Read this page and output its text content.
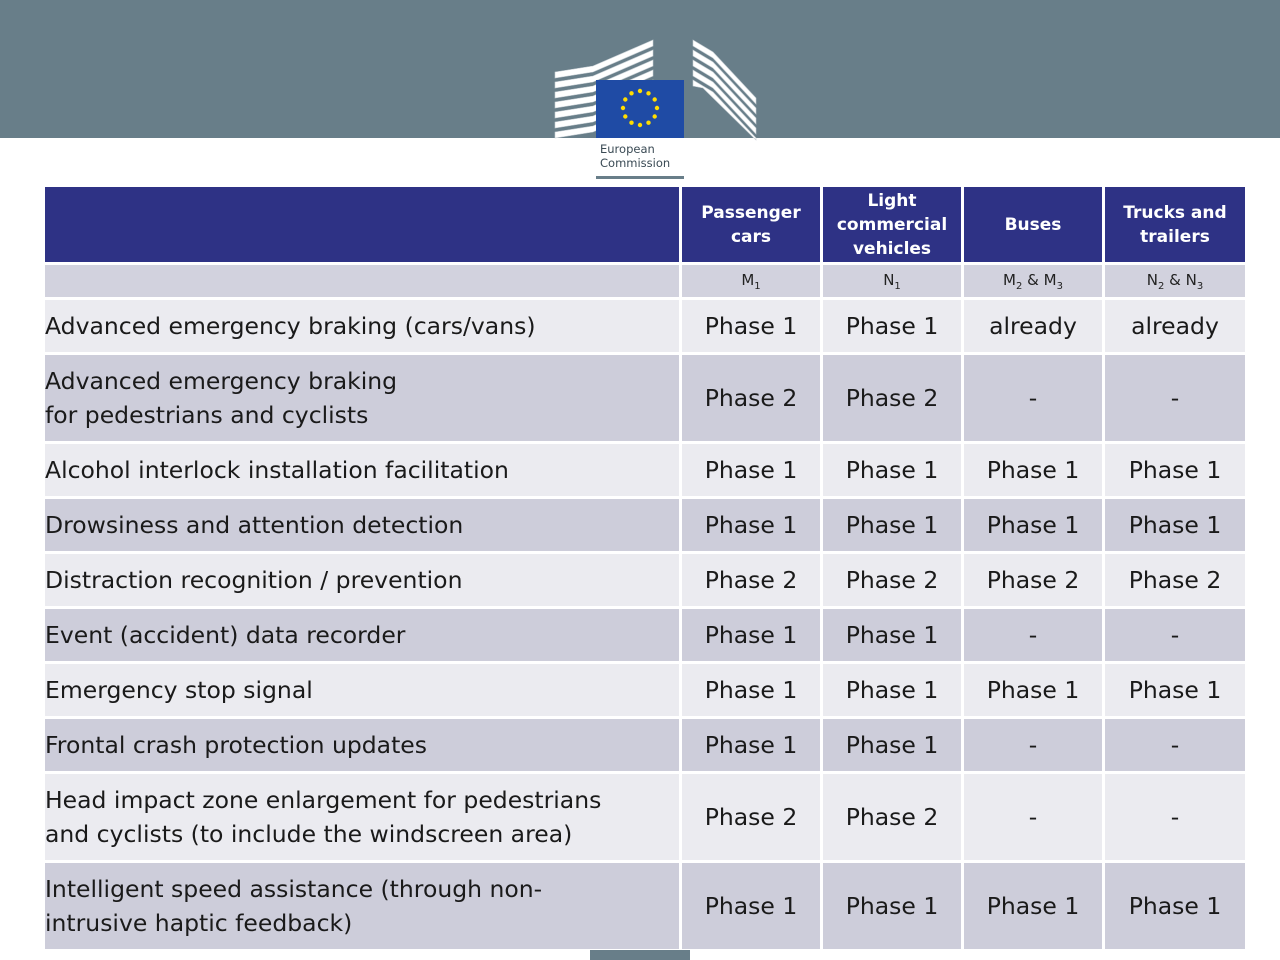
European
Commission

	Passenger cars	Light commercial vehicles	Buses	Trucks and trailers

	$M_1$	$N_1$	$M_2$ & $M_3$	$N_2$ & $N_3$

Advanced emergency braking (cars/vans)	Phase 1	Phase 1	already	already

Advanced emergency braking
for pedestrians and cyclists	Phase 2	Phase 2	-	-

Alcohol interlock installation facilitation	Phase 1	Phase 1	Phase 1	Phase 1

Drowsiness and attention detection	Phase 1	Phase 1	Phase 1	Phase 1

Distraction recognition / prevention	Phase 2	Phase 2	Phase 2	Phase 2

Event (accident) data recorder	Phase 1	Phase 1	-	-

Emergency stop signal	Phase 1	Phase 1	Phase 1	Phase 1

Frontal crash protection updates	Phase 1	Phase 1	-	-

Head impact zone enlargement for pedestrians
and cyclists (to include the windscreen area)	Phase 2	Phase 2	-	-

Intelligent speed assistance (through non-
intrusive haptic feedback)	Phase 1	Phase 1	Phase 1	Phase 1
